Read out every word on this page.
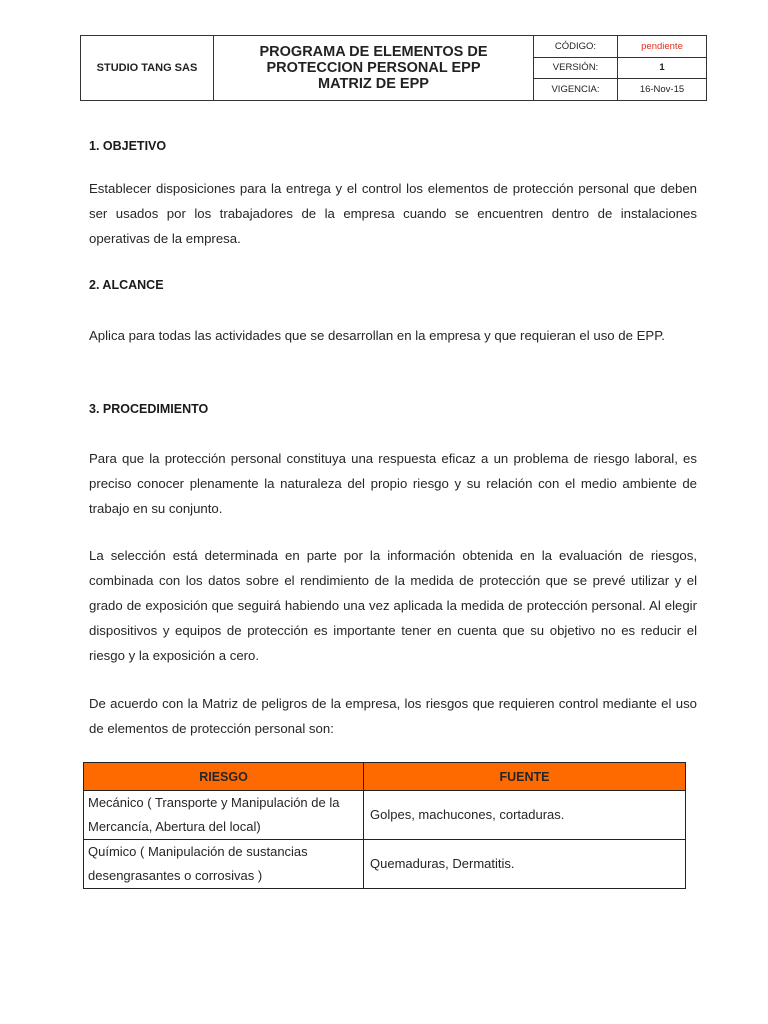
STUDIO TANG SAS	PROGRAMA DE ELEMENTOS DE
PROTECCION PERSONAL EPP
MATRIZ DE EPP	CÓDIGO:	pendiente
		VERSIÓN:	1
		VIGENCIA:	16-Nov-15
1. OBJETIVO
Establecer disposiciones para la entrega y el control los elementos de protección personal que deben ser usados por los trabajadores de la empresa cuando se encuentren dentro de instalaciones operativas de la empresa.
2. ALCANCE
Aplica para todas las actividades que se desarrollan en la empresa y que requieran el uso de EPP.
3. PROCEDIMIENTO
Para que la protección personal constituya una respuesta eficaz a un problema de riesgo laboral, es preciso conocer plenamente la naturaleza del propio riesgo y su relación con el medio ambiente de trabajo en su conjunto.
La selección está determinada en parte por la información obtenida en la evaluación de riesgos, combinada con los datos sobre el rendimiento de la medida de protección que se prevé utilizar y el grado de exposición que seguirá habiendo una vez aplicada la medida de protección personal. Al elegir dispositivos y equipos de protección es importante tener en cuenta que su objetivo no es reducir el riesgo y la exposición a cero.
De acuerdo con la Matriz de peligros de la empresa, los riesgos que requieren control mediante el uso de elementos de protección personal son:
RIESGO	FUENTE
Mecánico ( Transporte y Manipulación de la Mercancía, Abertura del local)	Golpes, machucones, cortaduras.
Químico ( Manipulación de sustancias desengrasantes o corrosivas )	Quemaduras, Dermatitis.
